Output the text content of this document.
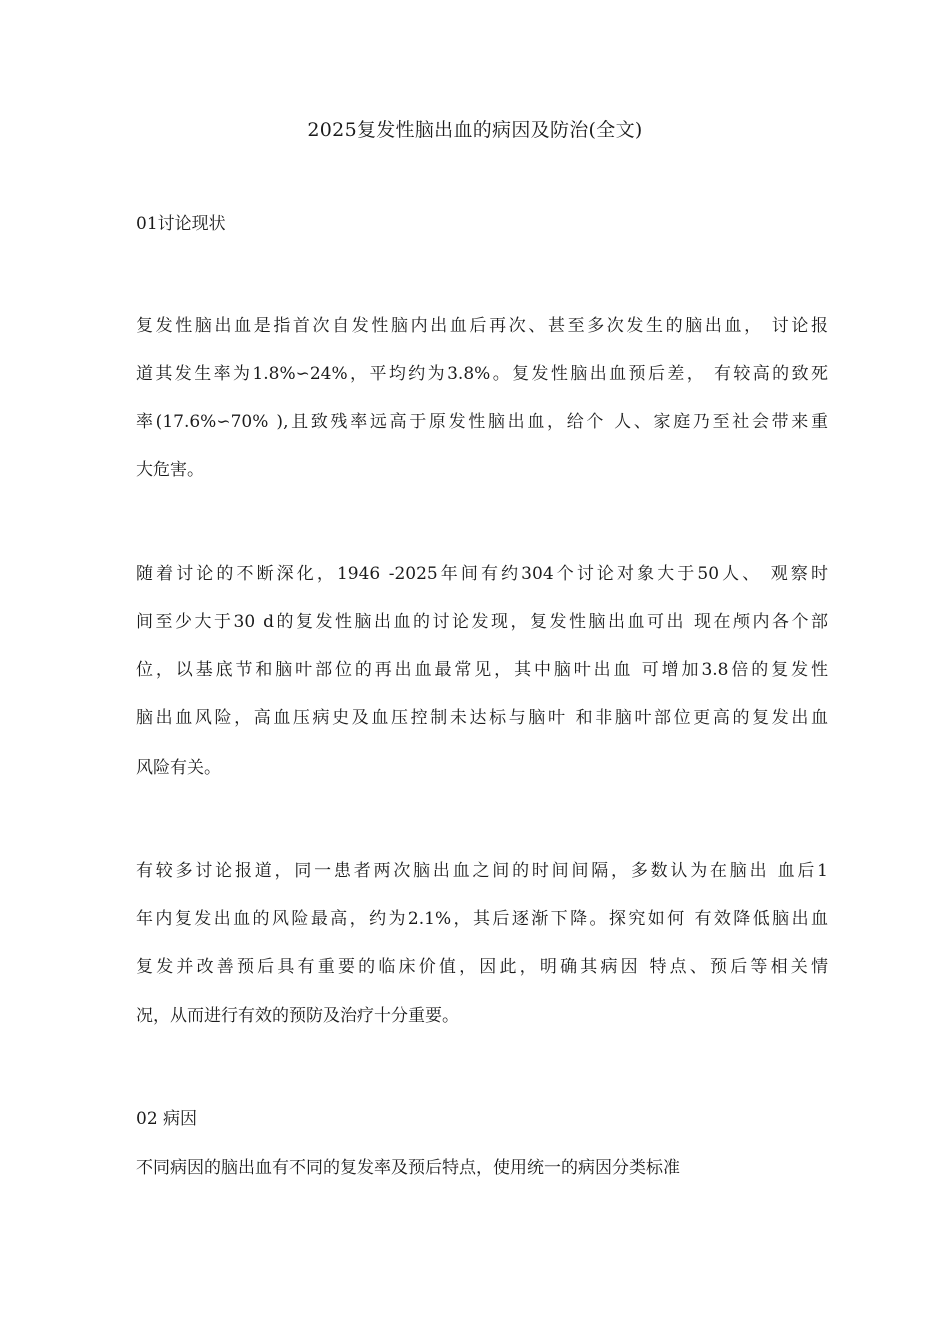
2025复发性脑出血的病因及防治(全文)
01讨论现状
复发性脑出血是指首次自发性脑内出血后再次、甚至多次发生的脑出血， 讨论报
道其发生率为1.8%∽24%，平均约为3.8%。复发性脑出血预后差， 有较高的致死
率(17.6%∽70% ),且致残率远高于原发性脑出血，给个 人、家庭乃至社会带来重
大危害。
随着讨论的不断深化，1946 -2025年间有约304个讨论对象大于50人、 观察时
间至少大于30 d的复发性脑出血的讨论发现，复发性脑出血可出 现在颅内各个部
位，以基底节和脑叶部位的再出血最常见，其中脑叶出血 可增加3.8倍的复发性
脑出血风险，高血压病史及血压控制未达标与脑叶 和非脑叶部位更高的复发出血
风险有关。
有较多讨论报道，同一患者两次脑出血之间的时间间隔，多数认为在脑出 血后1
年内复发出血的风险最高，约为2.1%，其后逐渐下降。探究如何 有效降低脑出血
复发并改善预后具有重要的临床价值，因此，明确其病因 特点、预后等相关情
况，从而进行有效的预防及治疗十分重要。
02 病因
不同病因的脑出血有不同的复发率及预后特点，使用统一的病因分类标准
